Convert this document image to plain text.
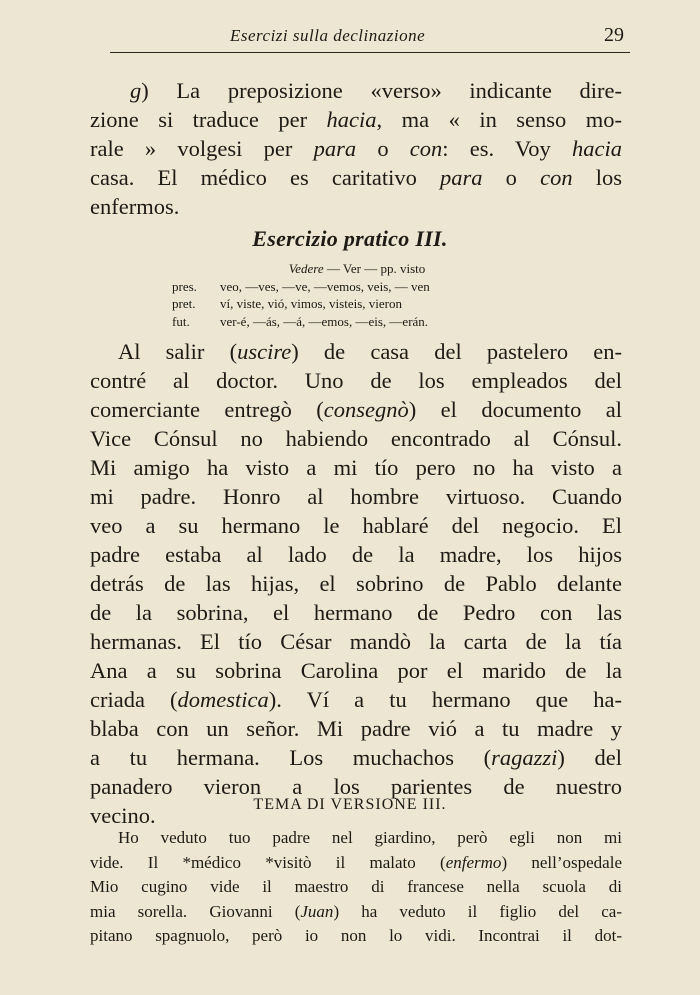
Esercizi sulla declinazione	29
g) La preposizione «verso» indicante dire-
zione si traduce per hacia, ma « in senso mo-
rale » volgesi per para o con: es. Voy hacia
casa. El médico es caritativo para o con los
enfermos.
Esercizio pratico III.
Vedere — Ver — pp. visto
pres.	veo, —ves, —ve, —vemos, veis, — ven
pret.	ví, viste, vió, vimos, visteis, vieron
fut.	ver-é, —ás, —á, —emos, —eis, —erán.
Al salir (uscire) de casa del pastelero en-
contré al doctor. Uno de los empleados del
comerciante entregò (consegnò) el documento al
Vice Cónsul no habiendo encontrado al Cónsul.
Mi amigo ha visto a mi tío pero no ha visto a
mi padre. Honro al hombre virtuoso. Cuando
veo a su hermano le hablaré del negocio. El
padre estaba al lado de la madre, los hijos
detrás de las hijas, el sobrino de Pablo delante
de la sobrina, el hermano de Pedro con las
hermanas. El tío César mandò la carta de la tía
Ana a su sobrina Carolina por el marido de la
criada (domestica). Ví a tu hermano que ha-
blaba con un señor. Mi padre vió a tu madre y
a tu hermana. Los muchachos (ragazzi) del
panadero vieron a los parientes de nuestro
vecino.	TEMA DI VERSIONE III.
Ho veduto tuo padre nel giardino, però egli non mi
vide. Il *médico *visitò il malato (enfermo) nell’ospedale
Mio cugino vide il maestro di francese nella scuola di
mia sorella. Giovanni (Juan) ha veduto il figlio del ca-
pitano spagnuolo, però io non lo vidi. Incontrai il dot-
